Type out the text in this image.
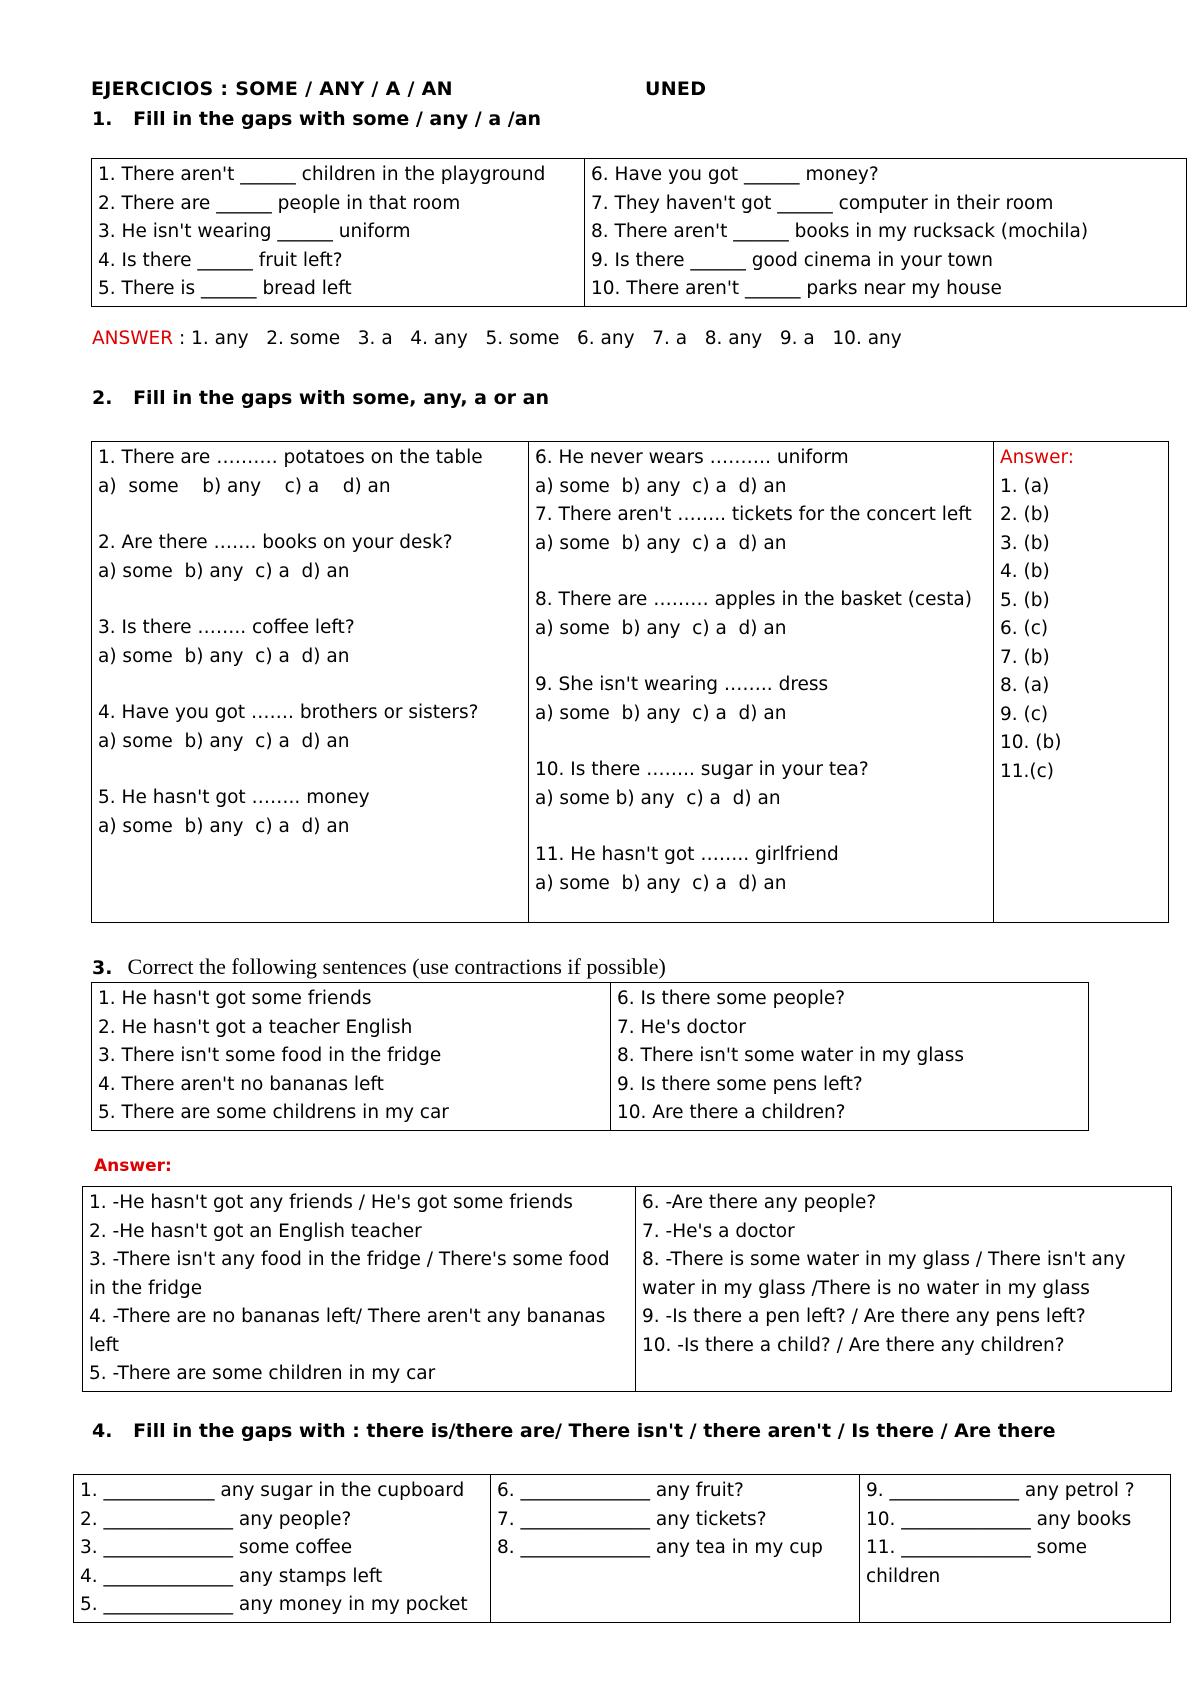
EJERCICIOS : SOME / ANY / A / AN	UNED
1. Fill in the gaps with some / any / a /an
1. There aren't ______ children in the playground
2. There are ______ people in that room
3. He isn't wearing ______ uniform
4. Is there ______ fruit left?
5. There is ______ bread left

6. Have you got ______ money?
7. They haven't got ______ computer in their room
8. There aren't ______ books in my rucksack (mochila)
9. Is there ______ good cinema in your town
10. There aren't ______ parks near my house
ANSWER : 1. any   2. some   3. a   4. any   5. some   6. any   7. a   8. any   9. a   10. any
2. Fill in the gaps with some, any, a or an
1. There are ………. potatoes on the table
a)  some    b) any    c) a    d) an
2. Are there ……. books on your desk?
a) some  b) any  c) a  d) an
3. Is there …….. coffee left?
a) some  b) any  c) a  d) an
4. Have you got ……. brothers or sisters?
a) some  b) any  c) a  d) an
5. He hasn't got …….. money
a) some  b) any  c) a  d) an

6. He never wears ………. uniform
a) some  b) any  c) a  d) an
7. There aren't …….. tickets for the concert left
a) some  b) any  c) a  d) an
8. There are ……… apples in the basket (cesta)
a) some  b) any  c) a  d) an
9. She isn't wearing …….. dress
a) some  b) any  c) a  d) an
10. Is there …….. sugar in your tea?
a) some b) any  c) a  d) an
11. He hasn't got …….. girlfriend
a) some  b) any  c) a  d) an

Answer:
1. (a)
2. (b)
3. (b)
4. (b)
5. (b)
6. (c)
7. (b)
8. (a)
9. (c)
10. (b)
11.(c)
3. Correct the following sentences (use contractions if possible)
1. He hasn't got some friends
2. He hasn't got a teacher English
3. There isn't some food in the fridge
4. There aren't no bananas left
5. There are some childrens in my car

6. Is there some people?
7. He's doctor
8. There isn't some water in my glass
9. Is there some pens left?
10. Are there a children?
Answer:
1. -He hasn't got any friends / He's got some friends
2. -He hasn't got an English teacher
3. -There isn't any food in the fridge / There's some food in the fridge
4. -There are no bananas left/ There aren't any bananas left
5. -There are some children in my car

6. -Are there any people?
7. -He's a doctor
8. -There is some water in my glass / There isn't any water in my glass /There is no water in my glass
9. -Is there a pen left? / Are there any pens left?
10. -Is there a child? / Are there any children?
4. Fill in the gaps with : there is/there are/ There isn't / there aren't / Is there / Are there
1. ____________ any sugar in the cupboard
2. ______________ any people?
3. ______________ some coffee
4. ______________ any stamps left
5. ______________ any money in my pocket

6. ______________ any fruit?
7. ______________ any tickets?
8. ______________ any tea in my cup

9. ______________ any petrol ?
10. ______________ any books
11. ______________ some children
